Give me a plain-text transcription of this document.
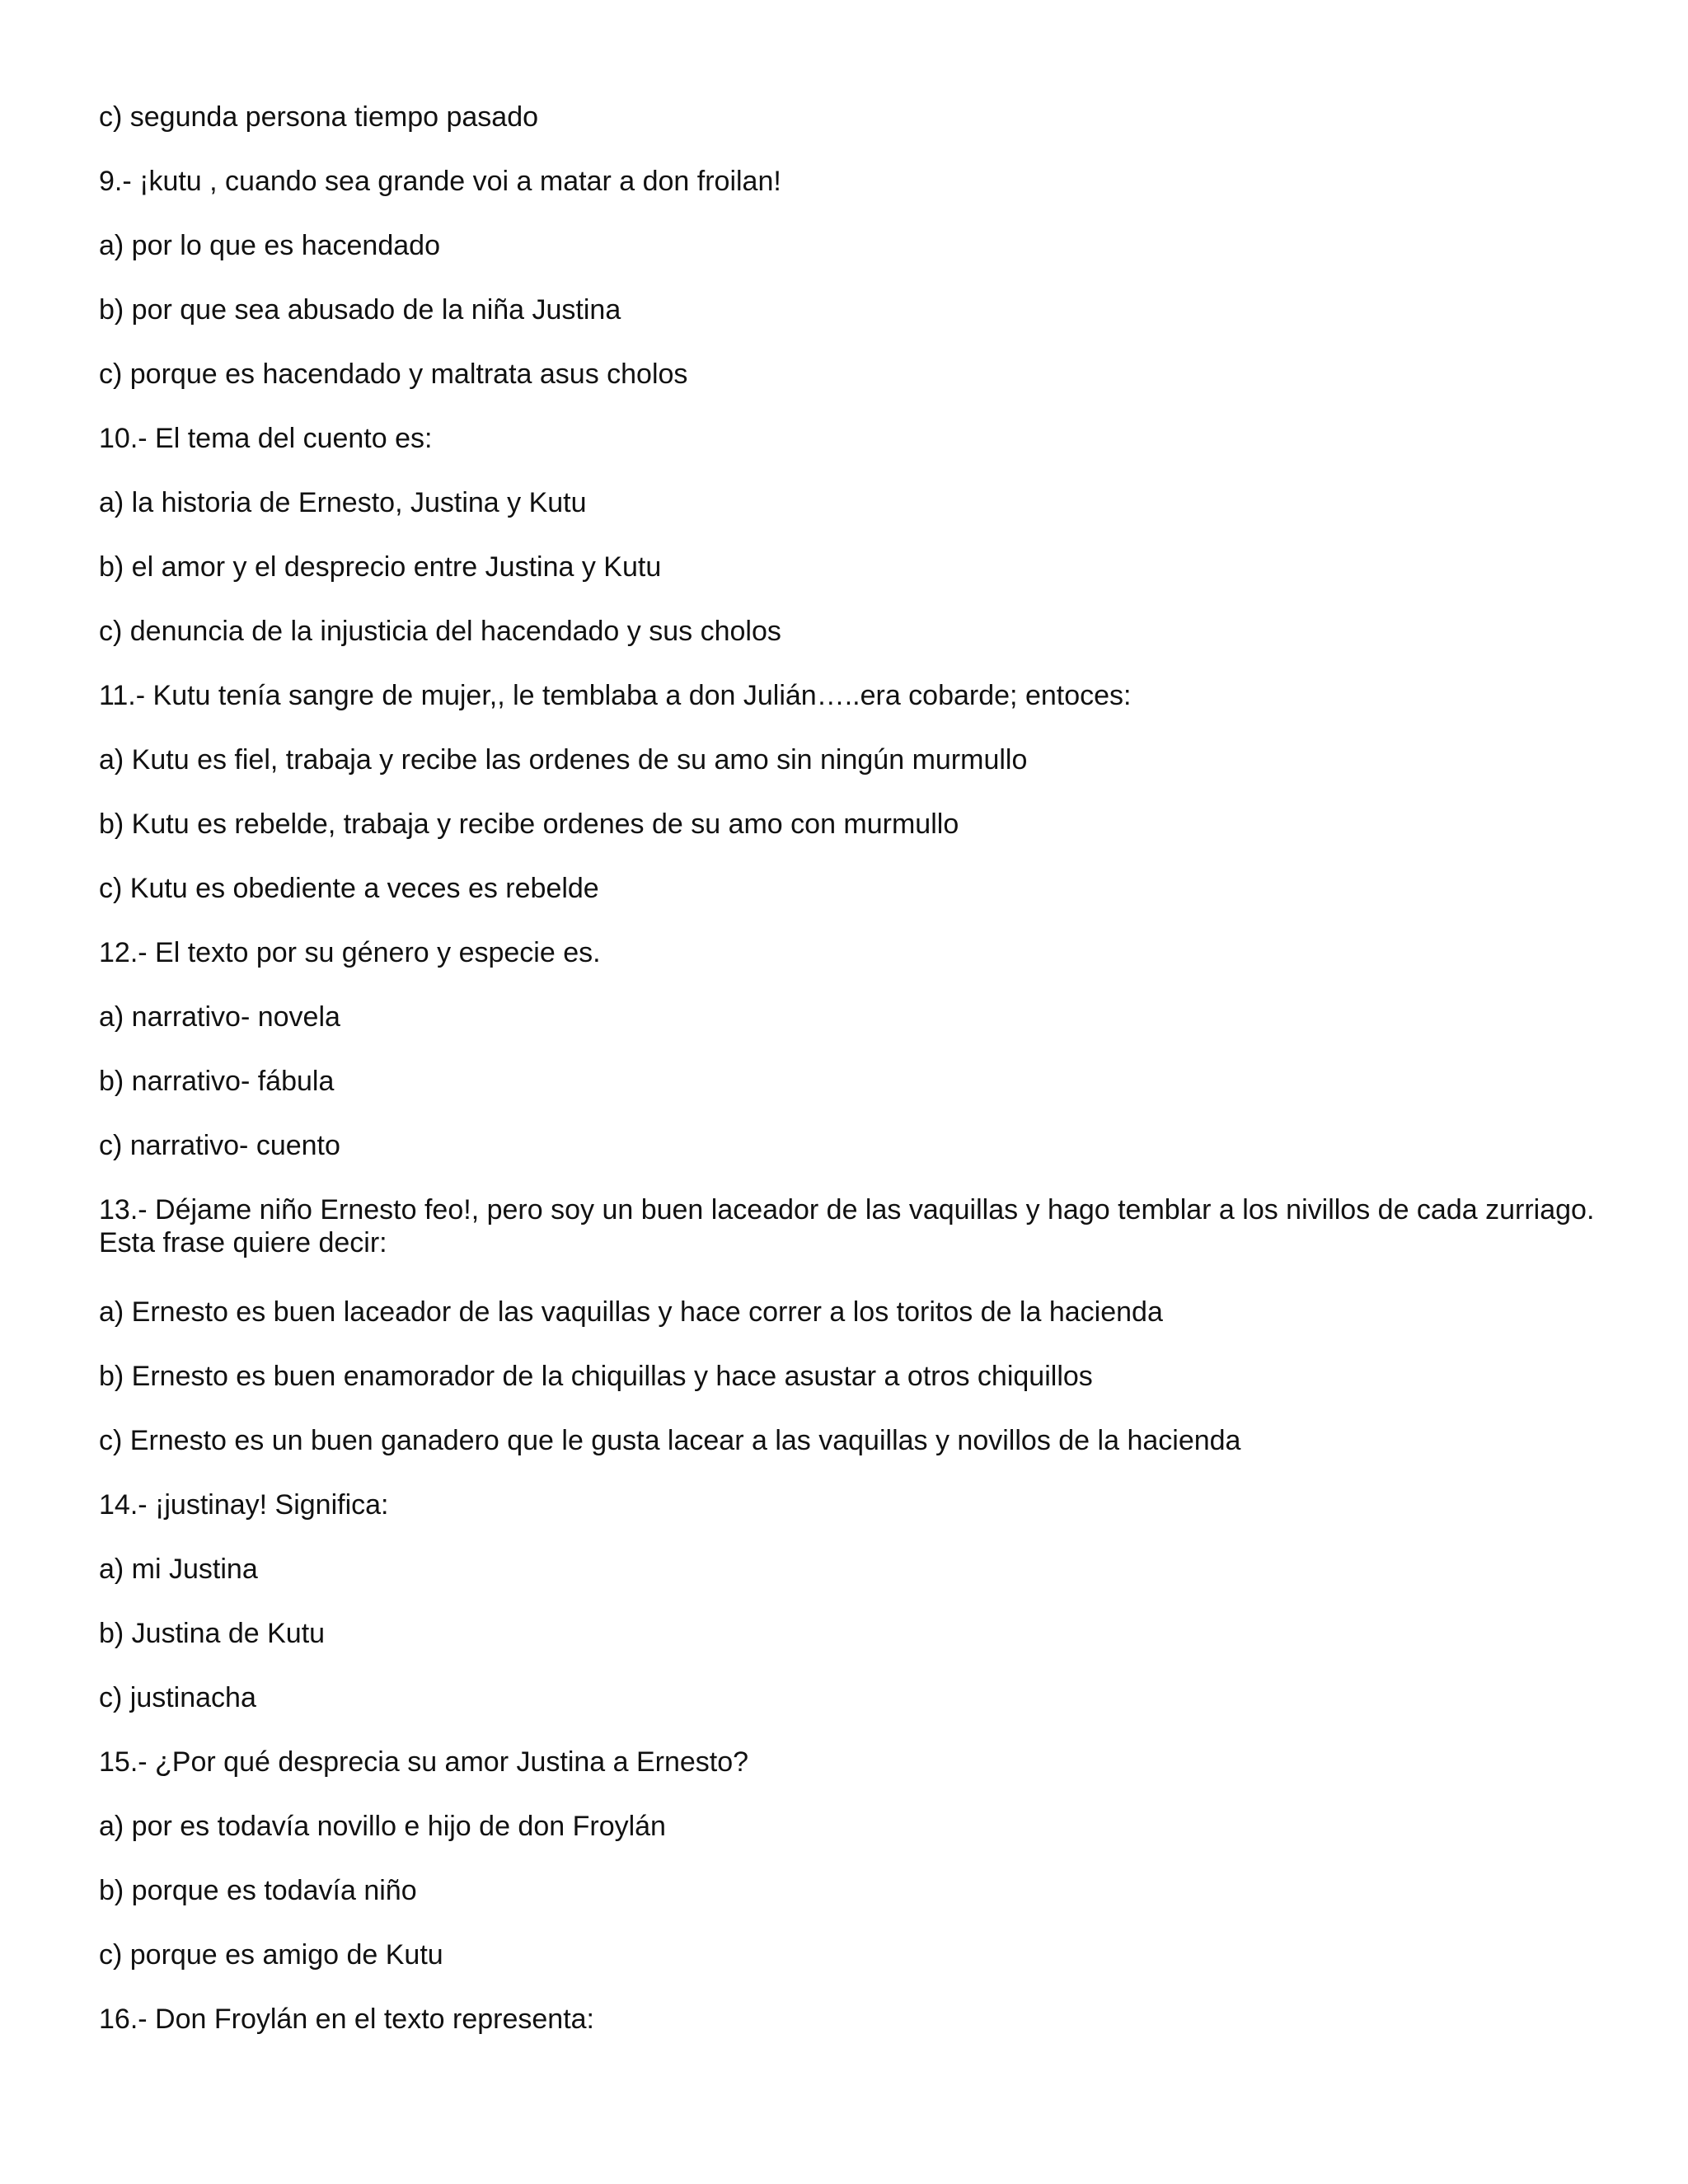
c) segunda persona tiempo pasado
9.- ¡kutu , cuando sea grande voi a matar a don froilan!
a) por lo que es hacendado
b) por que sea abusado de la niña Justina
c) porque es hacendado y maltrata asus cholos
10.- El tema del cuento es:
a) la historia de Ernesto, Justina y Kutu
b) el amor y el desprecio entre Justina y Kutu
c) denuncia de la injusticia del hacendado y sus cholos
11.- Kutu tenía sangre de mujer,, le temblaba a don Julián…..era cobarde; entoces:
a) Kutu es fiel, trabaja y recibe las ordenes de su amo sin ningún murmullo
b) Kutu es rebelde, trabaja y recibe ordenes de su amo con murmullo
c) Kutu es obediente a veces es rebelde
12.- El texto por su género y especie es.
a) narrativo- novela
b) narrativo- fábula
c) narrativo- cuento
13.- Déjame niño Ernesto feo!, pero soy un buen laceador de las vaquillas y hago temblar a los nivillos de cada zurriago. Esta frase quiere decir:
a) Ernesto es buen laceador de las vaquillas y hace correr a los toritos de la hacienda
b) Ernesto es buen enamorador de la chiquillas y hace asustar a otros chiquillos
c) Ernesto es un buen ganadero que le gusta lacear a las vaquillas y novillos de la hacienda
14.- ¡justinay! Significa:
a) mi Justina
b) Justina de Kutu
c) justinacha
15.- ¿Por qué desprecia su amor Justina a Ernesto?
a) por es todavía novillo e hijo de don Froylán
b) porque es todavía niño
c) porque es amigo de Kutu
16.- Don Froylán en el texto representa:
